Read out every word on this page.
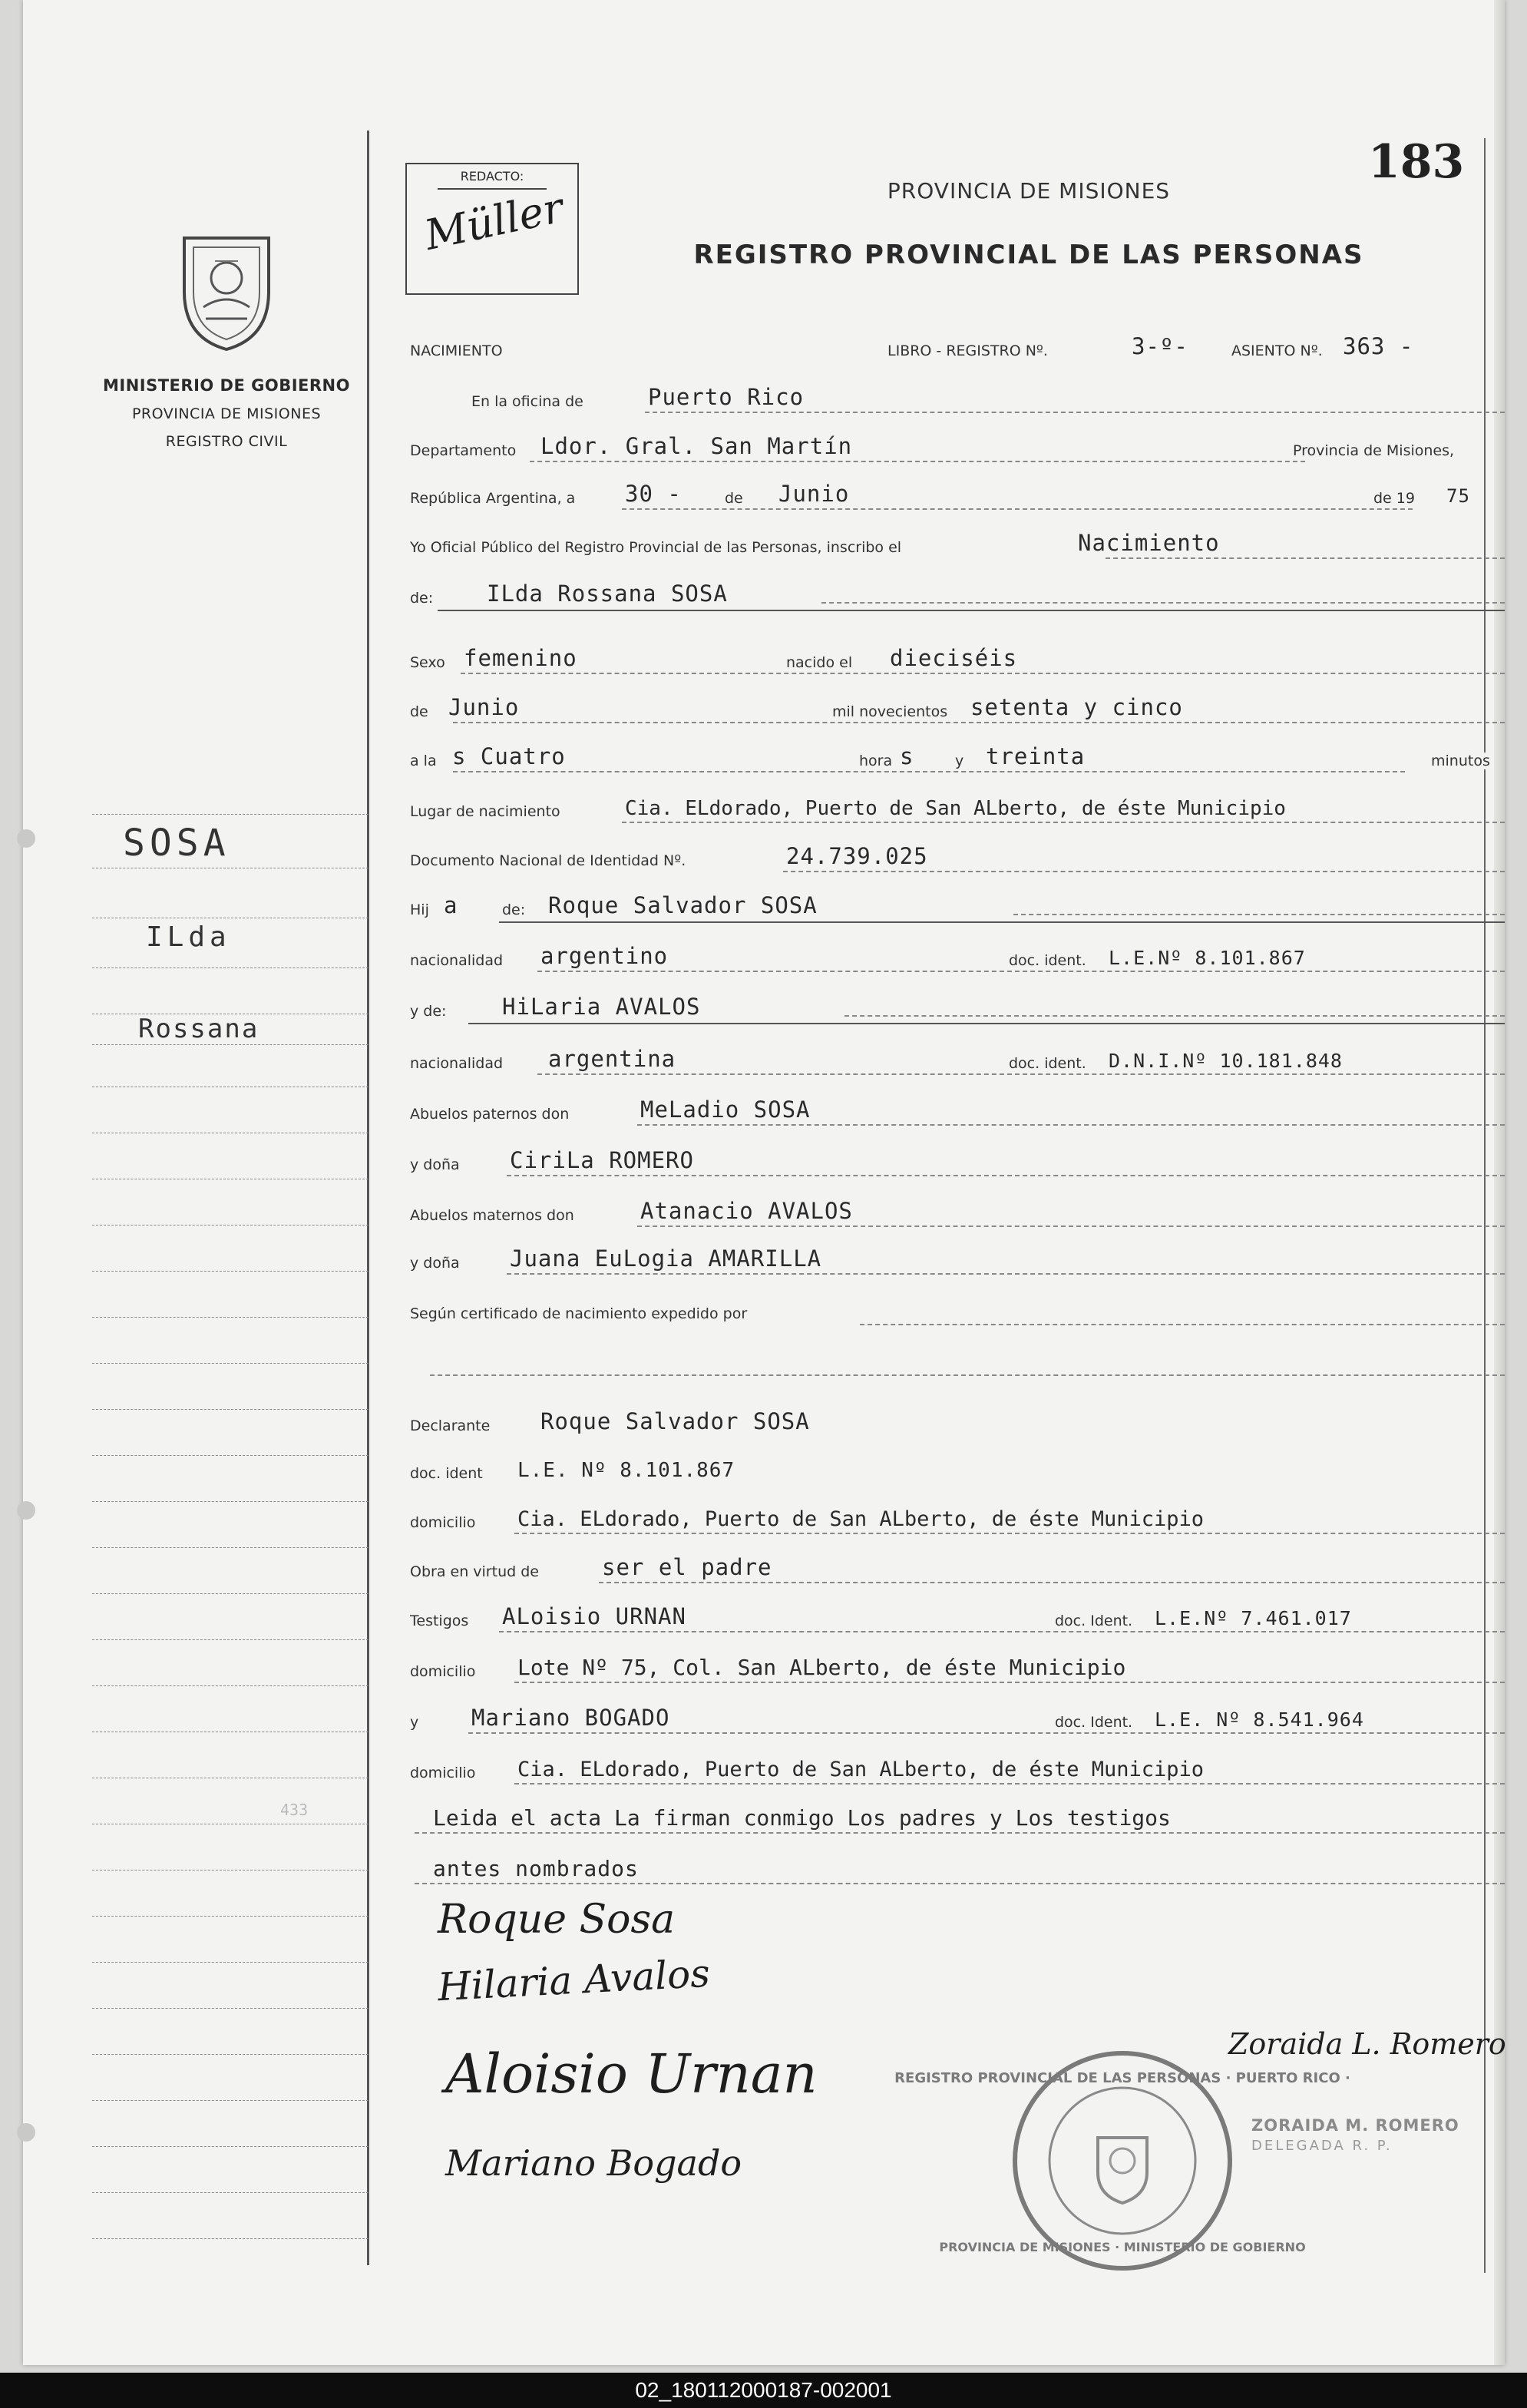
MINISTERIO DE GOBIERNO
PROVINCIA DE MISIONES
REGISTRO CIVIL
SOSA
ILda
Rossana
433
REDACTO:
Müller
183
PROVINCIA DE MISIONES
REGISTRO PROVINCIAL DE LAS PERSONAS
NACIMIENTO	LIBRO - REGISTRO Nº.	3-º-	ASIENTO Nº. 363 -
En la oficina de	Puerto Rico
Departamento Ldor. Gral. San Martín	Provincia de Misiones,
República Argentina, a 30 -	de Junio	de 19 75
Yo Oficial Público del Registro Provincial de las Personas, inscribo el	Nacimiento
de: ILda Rossana SOSA
Sexo femenino	nacido el dieciséis
de Junio	mil novecientos setenta y cinco
a la s Cuatro	hora s	y treinta	minutos
Lugar de nacimiento	Cia. ELdorado, Puerto de San ALberto, de éste Municipio
Documento Nacional de Identidad Nº.	24.739.025
Hij a	de: Roque Salvador SOSA
nacionalidad argentino	doc. ident. L.E.Nº 8.101.867
y de:	HiLaria AVALOS
nacionalidad argentina	doc. ident. D.N.I.Nº 10.181.848
Abuelos paternos don	MeLadio SOSA
y doña CiriLa ROMERO
Abuelos maternos don	Atanacio AVALOS
y doña Juana EuLogia AMARILLA
Según certificado de nacimiento expedido por
Declarante Roque Salvador SOSA
doc. ident L.E. Nº 8.101.867
domicilio Cia. ELdorado, Puerto de San ALberto, de éste Municipio
Obra en virtud de	ser el padre
Testigos ALoisio URNAN	doc. Ident. L.E.Nº 7.461.017
domicilio Lote Nº 75, Col. San ALberto, de éste Municipio
y Mariano BOGADO	doc. Ident. L.E. Nº 8.541.964
domicilio Cia. ELdorado, Puerto de San ALberto, de éste Municipio
Leida el acta La firman conmigo Los padres y Los testigos
antes nombrados
Roque Sosa
Hilaria Avalos
Aloisio Urnan
Mariano Bogado
Zoraida L. Romero
REGISTRO PROVINCIAL DE LAS PERSONAS · PUERTO RICO ·
PROVINCIA DE MISIONES · MINISTERIO DE GOBIERNO
ZORAIDA M. ROMERO
DELEGADA R. P.
02_180112000187-002001
